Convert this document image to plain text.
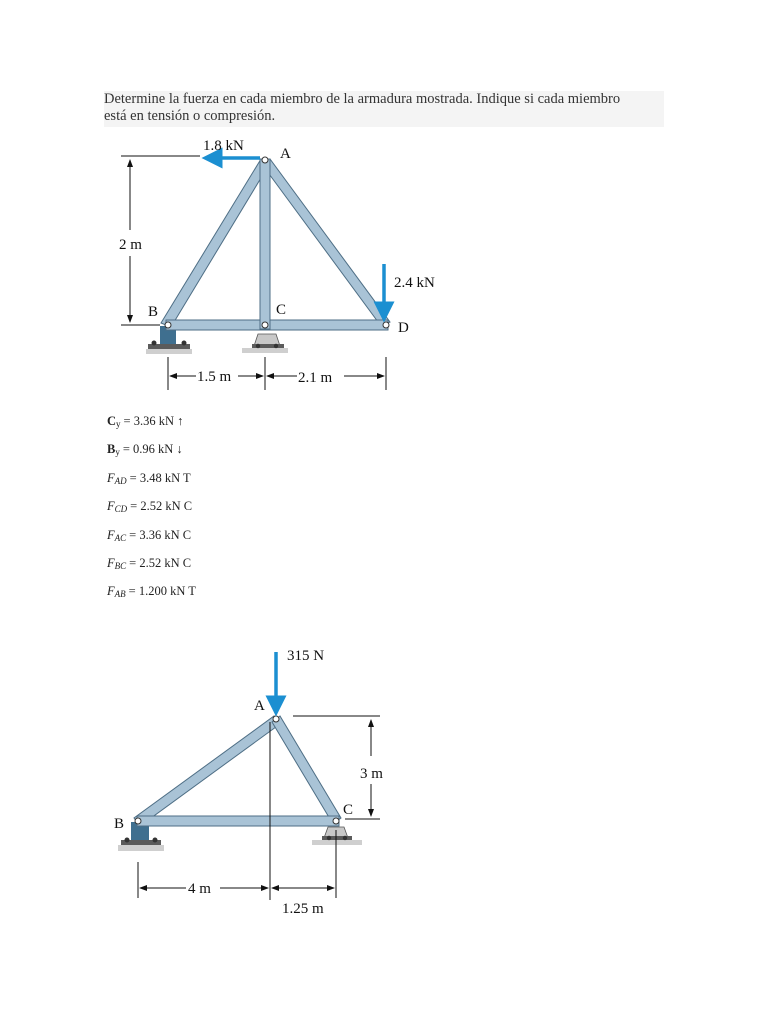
Determine la fuerza en cada miembro de la armadura mostrada. Indique si cada miembro
está en tensión o compresión.
1.8 kN
2.4 kN
A
B	C
D
2 m
1.5 m	2.1 m
$C_y = 3.36$ kN ↑
$B_y = 0.96$ kN ↓
$F_{AD} = 3.48$ kN T
$F_{CD} = 2.52$ kN C
$F_{AC} = 3.36$ kN C
$F_{BC} = 2.52$ kN C
$F_{AB} = 1.200$ kN T
315 N
A
B
C
3 m
4 m
1.25 m
